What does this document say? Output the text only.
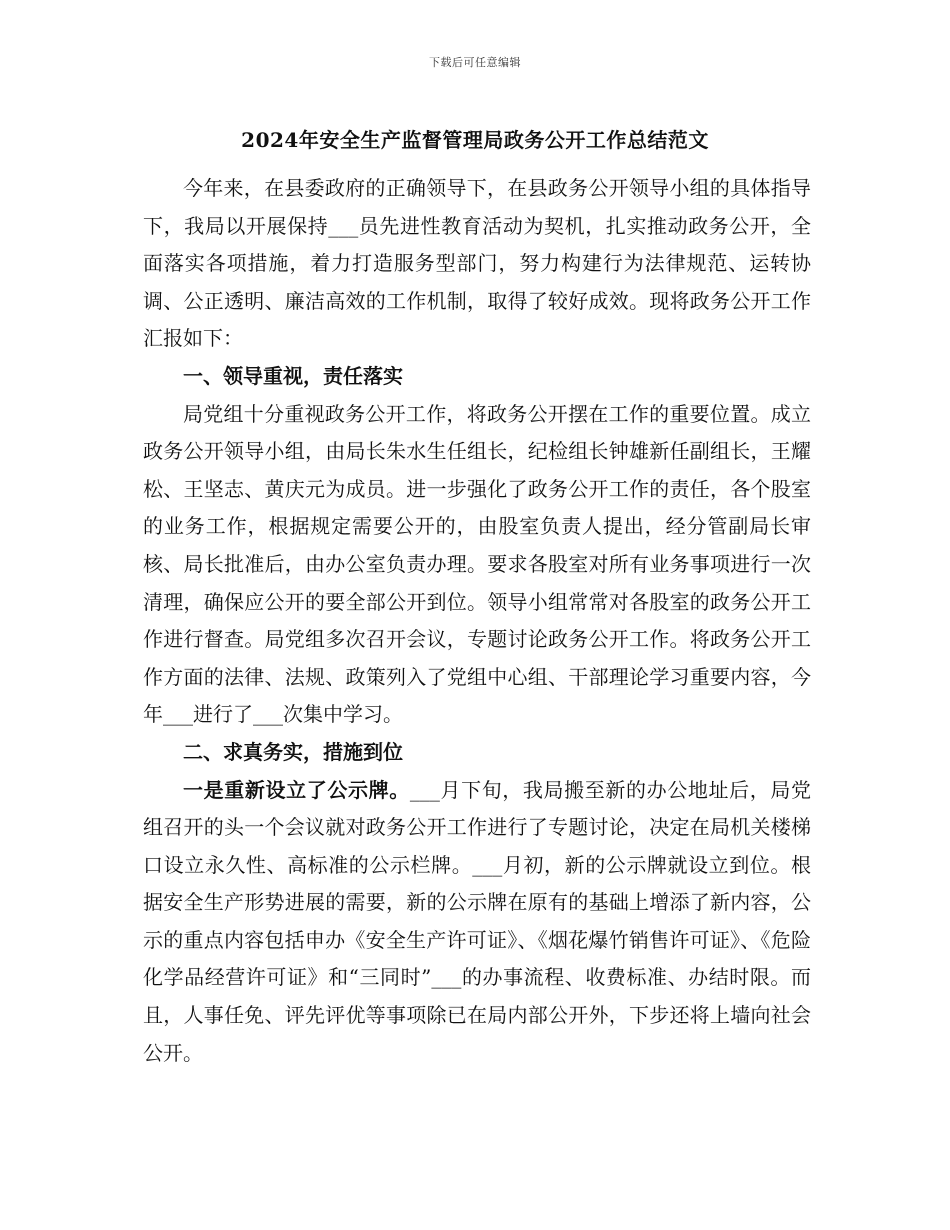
下载后可任意编辑
2024年安全生产监督管理局政务公开工作总结范文

今年来，在县委政府的正确领导下，在县政务公开领导小组的具体指导下，我局以开展保持___员先进性教育活动为契机，扎实推动政务公开，全面落实各项措施，着力打造服务型部门，努力构建行为法律规范、运转协调、公正透明、廉洁高效的工作机制，取得了较好成效。现将政务公开工作汇报如下：

一、领导重视，责任落实

局党组十分重视政务公开工作，将政务公开摆在工作的重要位置。成立政务公开领导小组，由局长朱水生任组长，纪检组长钟雄新任副组长，王耀松、王坚志、黄庆元为成员。进一步强化了政务公开工作的责任，各个股室的业务工作，根据规定需要公开的，由股室负责人提出，经分管副局长审核、局长批准后，由办公室负责办理。要求各股室对所有业务事项进行一次清理，确保应公开的要全部公开到位。领导小组常常对各股室的政务公开工作进行督查。局党组多次召开会议，专题讨论政务公开工作。将政务公开工作方面的法律、法规、政策列入了党组中心组、干部理论学习重要内容，今年___进行了___次集中学习。

二、求真务实，措施到位

一是重新设立了公示牌。___月下旬，我局搬至新的办公地址后，局党组召开的头一个会议就对政务公开工作进行了专题讨论，决定在局机关楼梯口设立永久性、高标准的公示栏牌。___月初，新的公示牌就设立到位。根据安全生产形势进展的需要，新的公示牌在原有的基础上增添了新内容，公示的重点内容包括申办《安全生产许可证》、《烟花爆竹销售许可证》、《危险化学品经营许可证》和“三同时”___的办事流程、收费标准、办结时限。而且，人事任免、评先评优等事项除已在局内部公开外，下步还将上墙向社会公开。
